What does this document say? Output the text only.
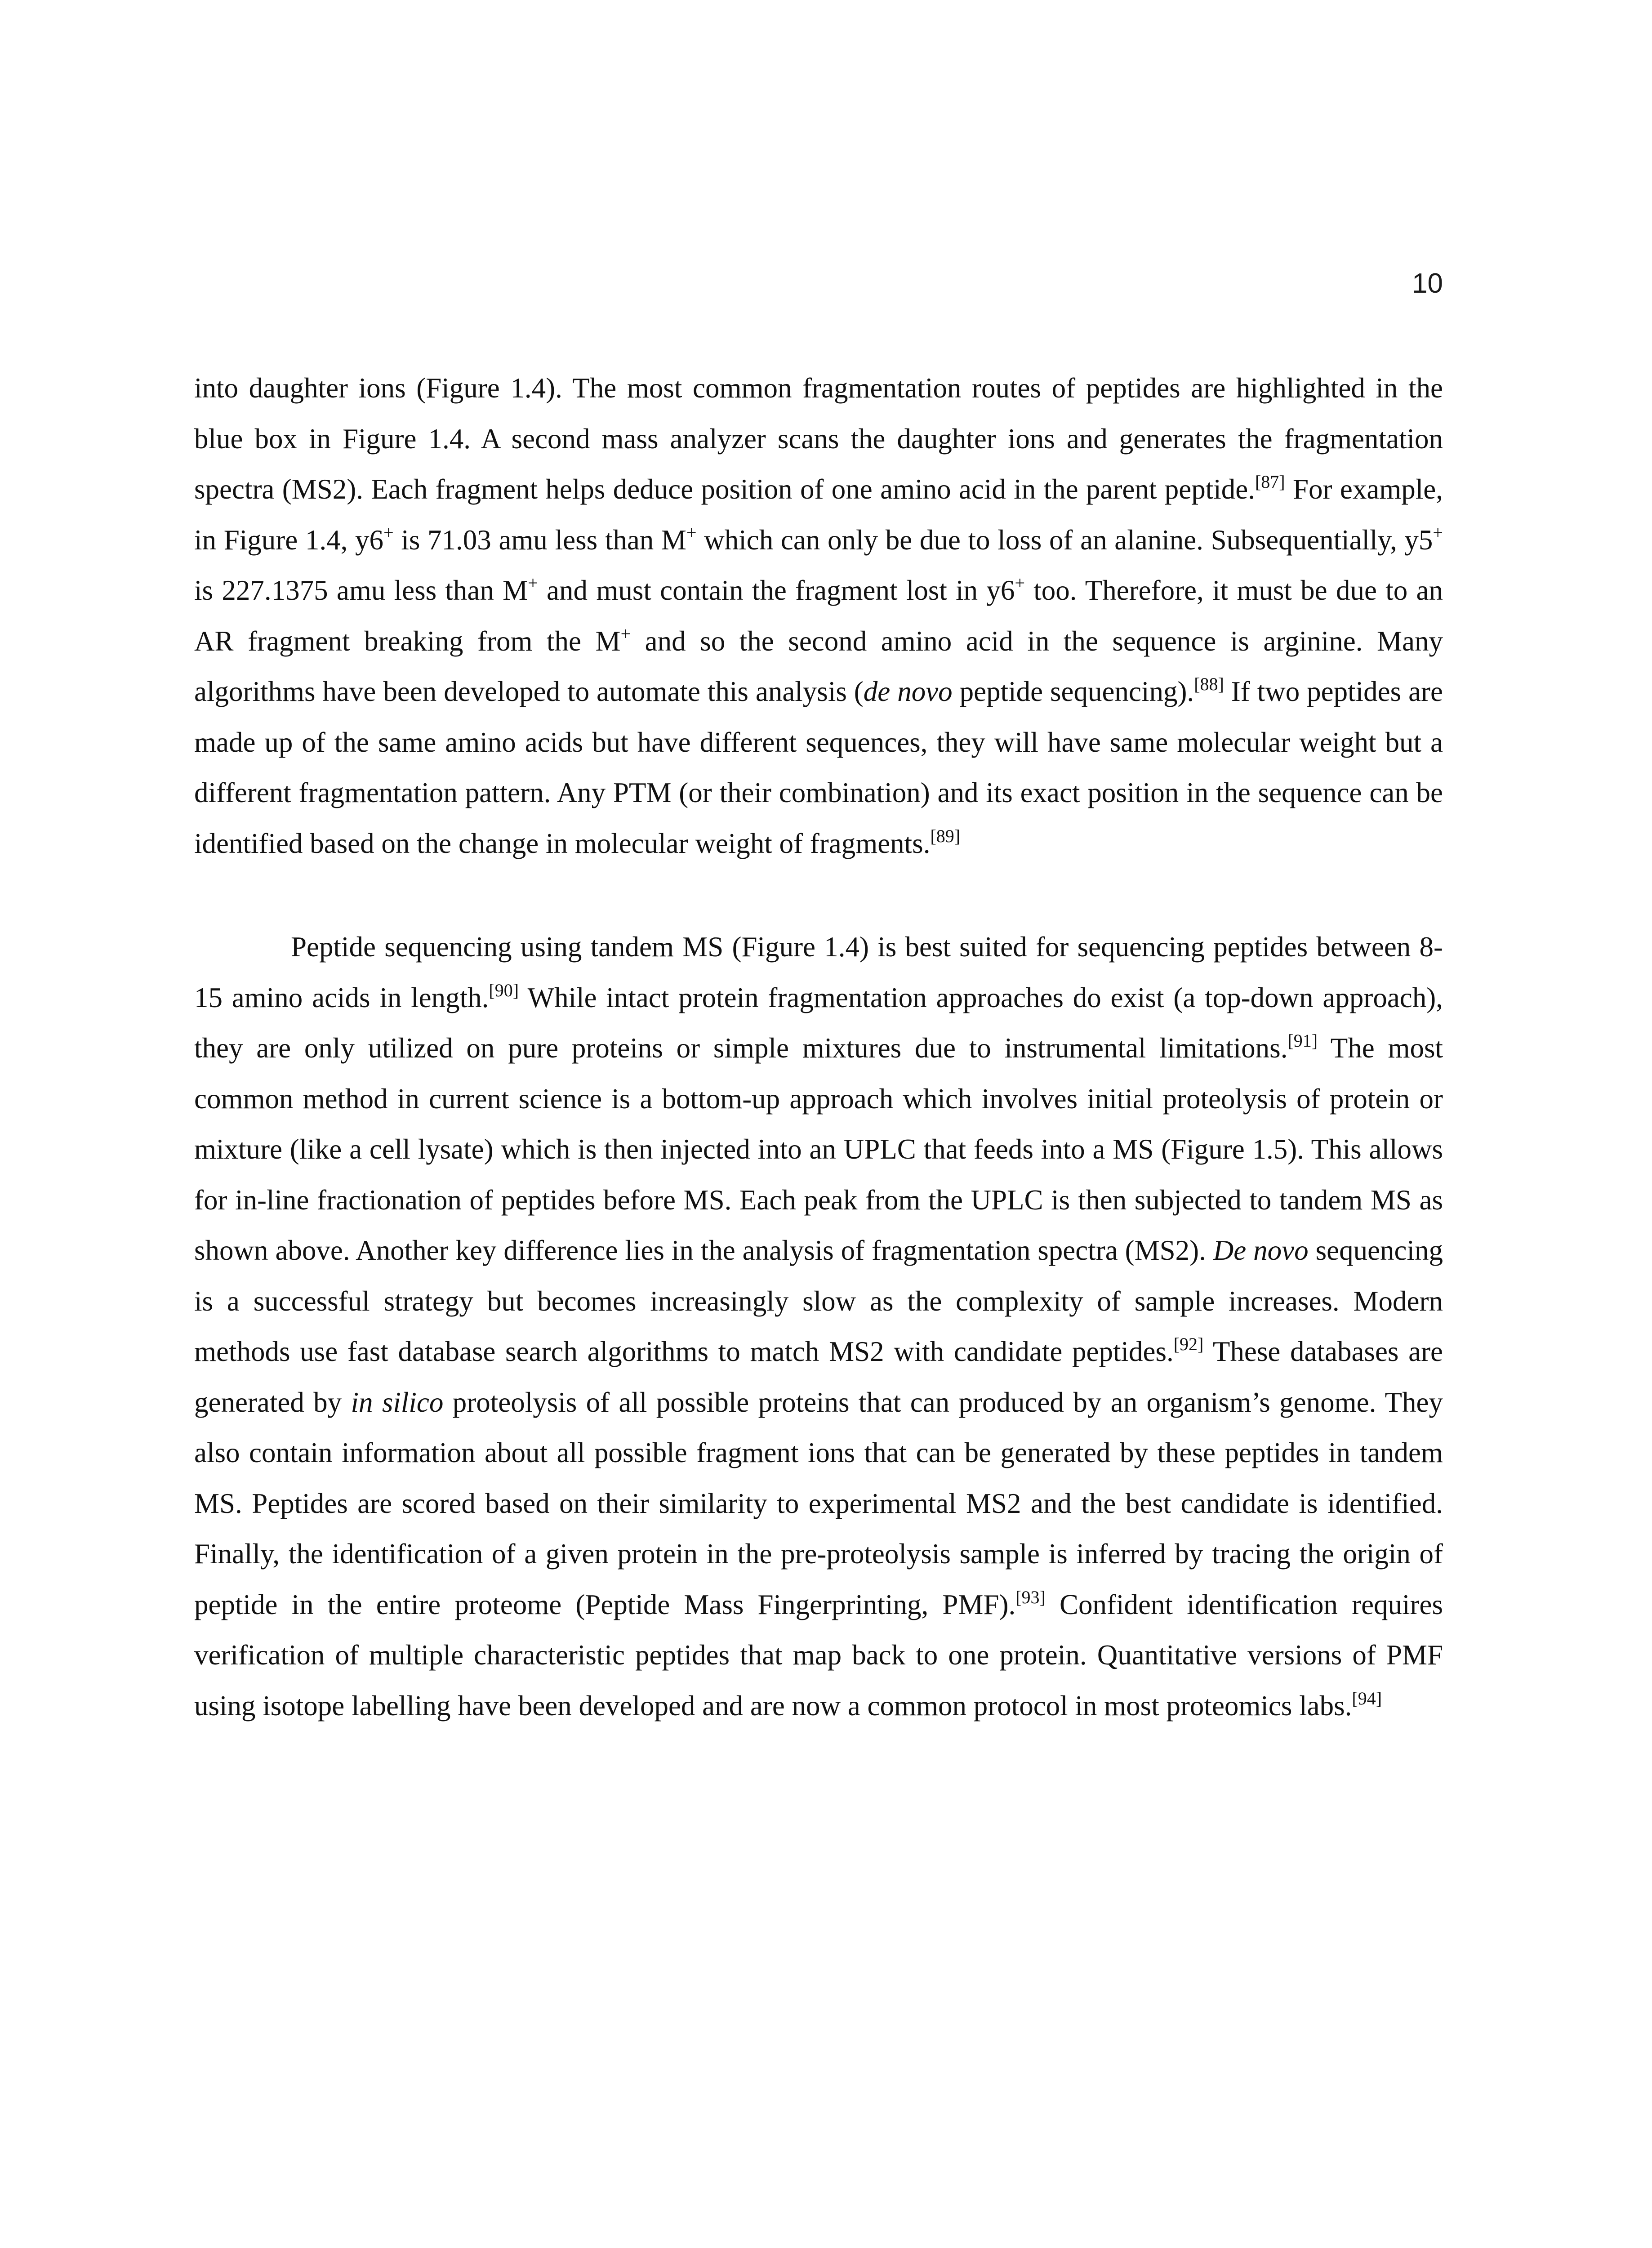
10

into daughter ions (Figure 1.4). The most common fragmentation routes of peptides are highlighted in the blue box in Figure 1.4. A second mass analyzer scans the daughter ions and generates the fragmentation spectra (MS2). Each fragment helps deduce position of one amino acid in the parent peptide.[87] For example, in Figure 1.4, y6+ is 71.03 amu less than M+ which can only be due to loss of an alanine. Subsequentially, y5+ is 227.1375 amu less than M+ and must contain the fragment lost in y6+ too. Therefore, it must be due to an AR fragment breaking from the M+ and so the second amino acid in the sequence is arginine. Many algorithms have been developed to automate this analysis (de novo peptide sequencing).[88] If two peptides are made up of the same amino acids but have different sequences, they will have same molecular weight but a different fragmentation pattern. Any PTM (or their combination) and its exact position in the sequence can be identified based on the change in molecular weight of fragments.[89]

Peptide sequencing using tandem MS (Figure 1.4) is best suited for sequencing peptides between 8-15 amino acids in length.[90] While intact protein fragmentation approaches do exist (a top-down approach), they are only utilized on pure proteins or simple mixtures due to instrumental limitations.[91] The most common method in current science is a bottom-up approach which involves initial proteolysis of protein or mixture (like a cell lysate) which is then injected into an UPLC that feeds into a MS (Figure 1.5). This allows for in-line fractionation of peptides before MS. Each peak from the UPLC is then subjected to tandem MS as shown above. Another key difference lies in the analysis of fragmentation spectra (MS2). De novo sequencing is a successful strategy but becomes increasingly slow as the complexity of sample increases. Modern methods use fast database search algorithms to match MS2 with candidate peptides.[92] These databases are generated by in silico proteolysis of all possible proteins that can produced by an organism’s genome. They also contain information about all possible fragment ions that can be generated by these peptides in tandem MS. Peptides are scored based on their similarity to experimental MS2 and the best candidate is identified. Finally, the identification of a given protein in the pre-proteolysis sample is inferred by tracing the origin of peptide in the entire proteome (Peptide Mass Fingerprinting, PMF).[93] Confident identification requires verification of multiple characteristic peptides that map back to one protein. Quantitative versions of PMF using isotope labelling have been developed and are now a common protocol in most proteomics labs.[94]
